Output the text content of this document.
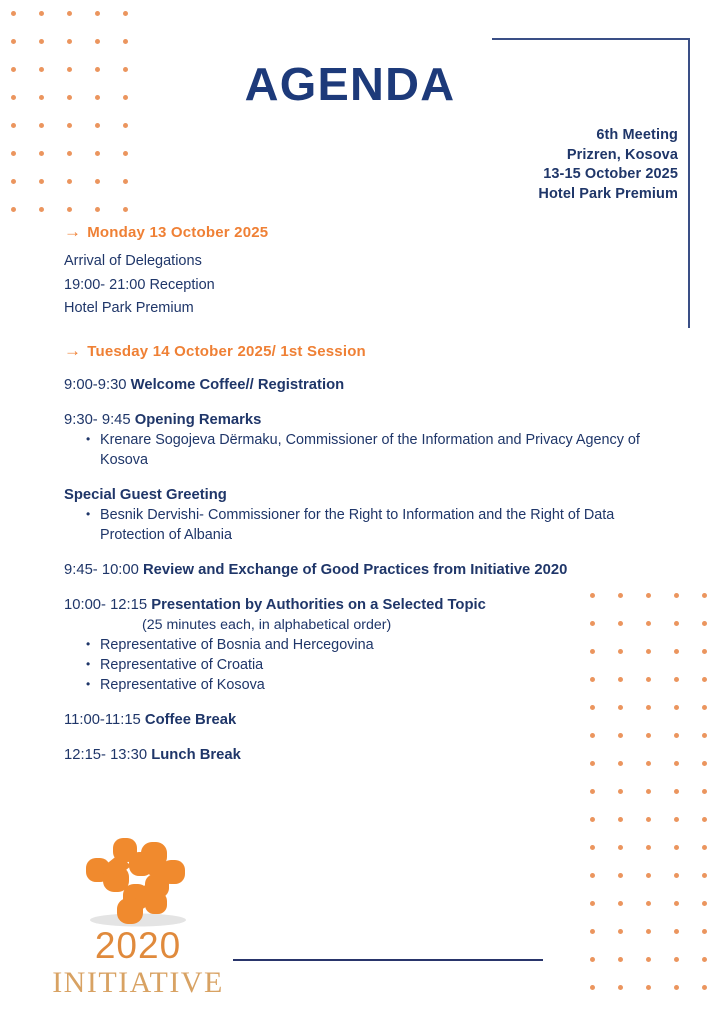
AGENDA
6th Meeting
Prizren, Kosova
13-15 October 2025
Hotel Park Premium
→ Monday 13 October 2025
Arrival of Delegations
19:00- 21:00 Reception
Hotel Park Premium
→ Tuesday 14 October 2025/ 1st Session
9:00-9:30 Welcome Coffee// Registration
9:30- 9:45 Opening Remarks
• Krenare Sogojeva Dërmaku, Commissioner of the Information and Privacy Agency of Kosova
Special Guest Greeting
• Besnik Dervishi- Commissioner for the Right to Information and the Right of Data Protection of Albania
9:45- 10:00 Review and Exchange of Good Practices from Initiative 2020
10:00- 12:15 Presentation by Authorities on a Selected Topic
(25 minutes each, in alphabetical order)
• Representative of Bosnia and Hercegovina
• Representative of Croatia
• Representative of Kosova
11:00-11:15 Coffee Break
12:15- 13:30 Lunch Break
2020
INITIATIVE
